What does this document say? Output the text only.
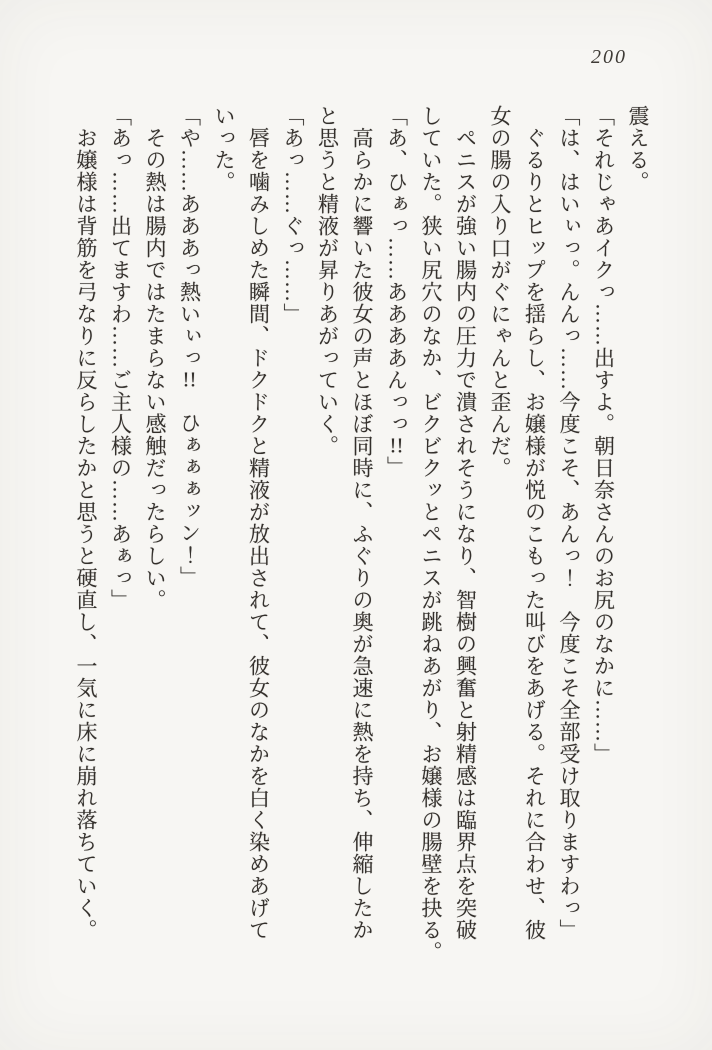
200

震える。

「それじゃあイクっ……出すよ。朝日奈さんのお尻のなかに……」

「は、はいぃっ。んんっ……今度こそ、あんっ！　今度こそ全部受け取りますわっ」

　ぐるりとヒップを揺らし、お嬢様が悦のこもった叫びをあげる。それに合わせ、彼
女の腸の入り口がぐにゃんと歪んだ。

　ペニスが強い腸内の圧力で潰されそうになり、智樹の興奮と射精感は臨界点を突破
していた。狭い尻穴のなか、ビクビクッとペニスが跳ねあがり、お嬢様の腸壁を抉る。

「あ、ひぁっ……ああああんっっ!!」

　高らかに響いた彼女の声とほぼ同時に、ふぐりの奥が急速に熱を持ち、伸縮したか
と思うと精液が昇りあがっていく。

「あっ……ぐっ……」

　唇を噛みしめた瞬間、ドクドクと精液が放出されて、彼女のなかを白く染めあげて
いった。

「や……あああっ熱いぃっ!!　ひぁぁぁッン！」

　その熱は腸内ではたまらない感触だったらしい。

「あっ……出てますわ……ご主人様の……あぁっ」

　お嬢様は背筋を弓なりに反らしたかと思うと硬直し、一気に床に崩れ落ちていく。
